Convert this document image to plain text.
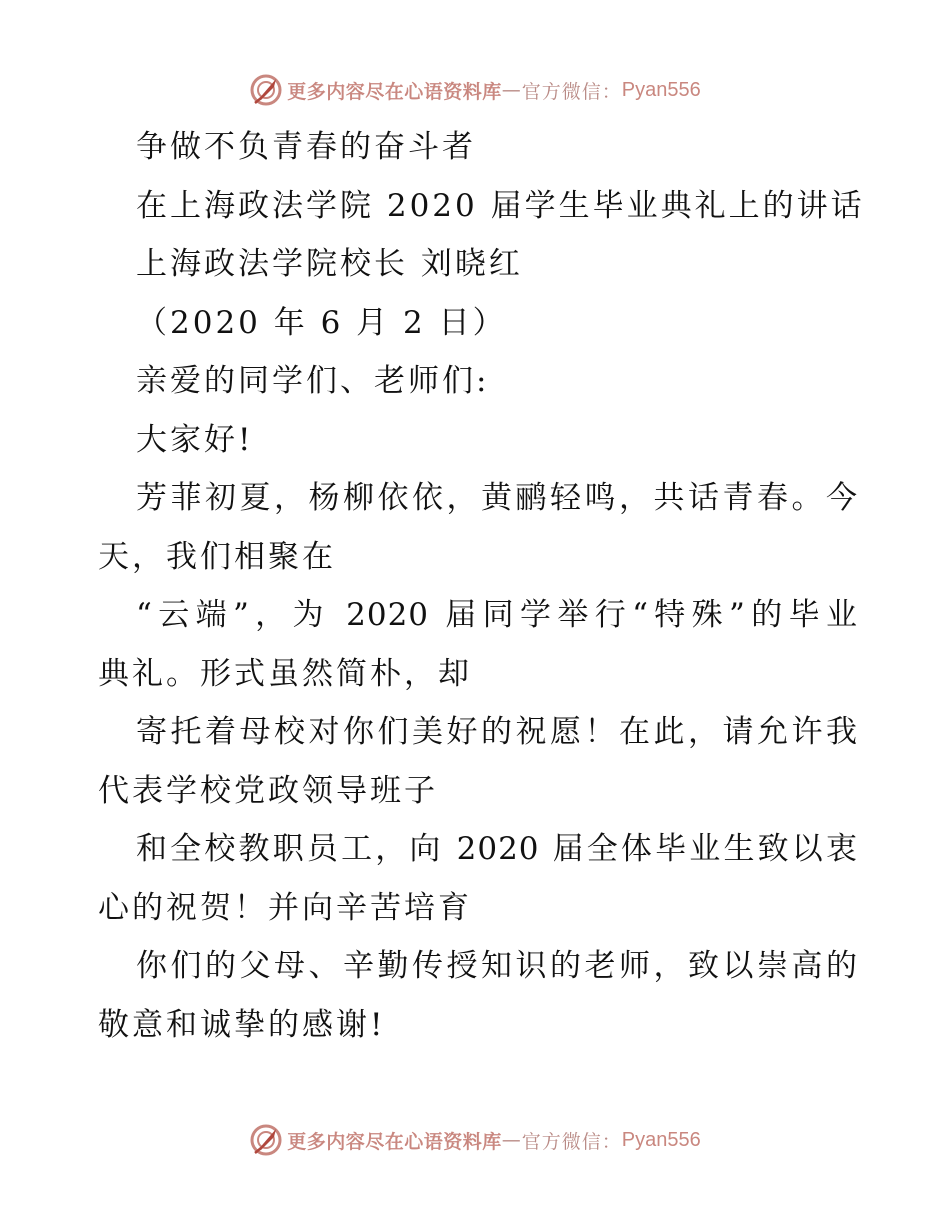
更多内容尽在心语资料库 — 官方微信： Pyan556
争做不负青春的奋斗者
在上海政法学院 2020 届学生毕业典礼上的讲话
上海政法学院校长 刘晓红
（2020 年 6 月 2 日）
亲爱的同学们、老师们:
大家好!
芳菲初夏，杨柳依依，黄鹂轻鸣，共话青春。今
天，我们相聚在
“云端”，为 2020 届同学举行“特殊”的毕业
典礼。形式虽然简朴，却
寄托着母校对你们美好的祝愿！在此，请允许我
代表学校党政领导班子
和全校教职员工，向 2020 届全体毕业生致以衷
心的祝贺！并向辛苦培育
你们的父母、辛勤传授知识的老师，致以崇高的
敬意和诚挚的感谢!
更多内容尽在心语资料库 — 官方微信： Pyan556
